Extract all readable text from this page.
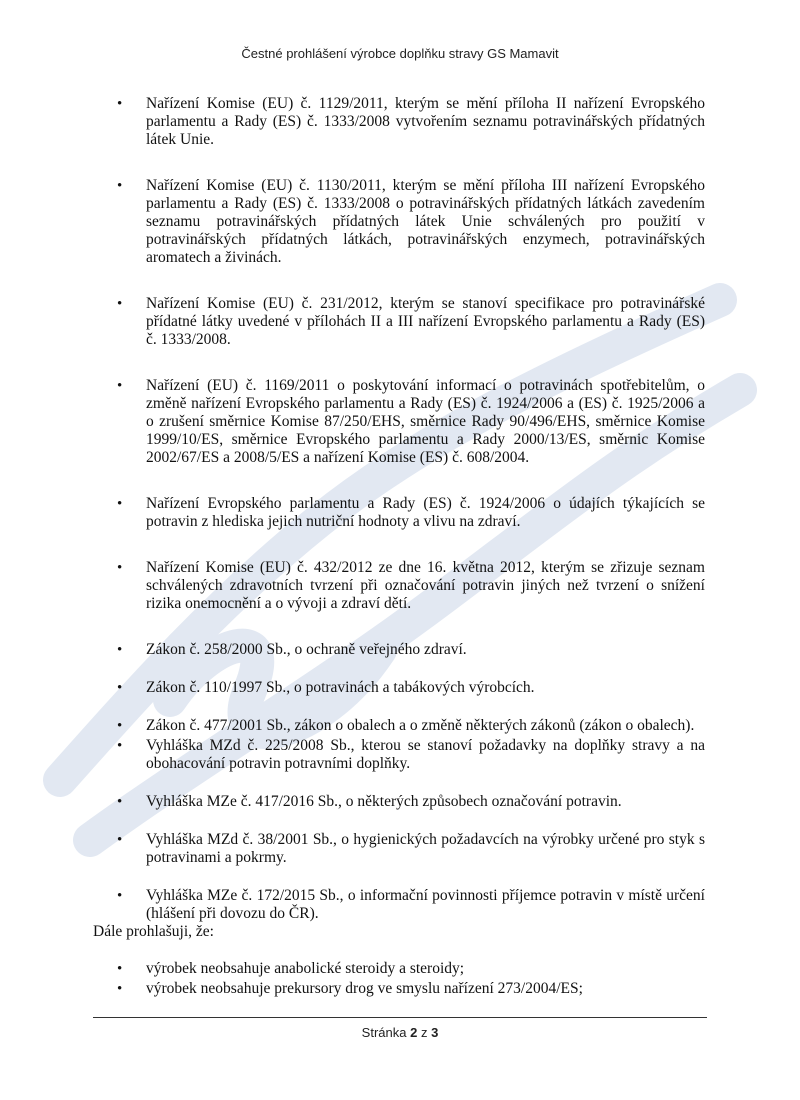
Čestné prohlášení výrobce doplňku stravy GS Mamavit
• Nařízení Komise (EU) č. 1129/2011, kterým se mění příloha II nařízení Evropského parlamentu a Rady (ES) č. 1333/2008 vytvořením seznamu potravinářských přídatných látek Unie.
• Nařízení Komise (EU) č. 1130/2011, kterým se mění příloha III nařízení Evropského parlamentu a Rady (ES) č. 1333/2008 o potravinářských přídatných látkách zavedením seznamu potravinářských přídatných látek Unie schválených pro použití v potravinářských přídatných látkách, potravinářských enzymech, potravinářských aromatech a živinách.
• Nařízení Komise (EU) č. 231/2012, kterým se stanoví specifikace pro potravinářské přídatné látky uvedené v přílohách II a III nařízení Evropského parlamentu a Rady (ES) č. 1333/2008.
• Nařízení (EU) č. 1169/2011 o poskytování informací o potravinách spotřebitelům, o změně nařízení Evropského parlamentu a Rady (ES) č. 1924/2006 a (ES) č. 1925/2006 a o zrušení směrnice Komise 87/250/EHS, směrnice Rady 90/496/EHS, směrnice Komise 1999/10/ES, směrnice Evropského parlamentu a Rady 2000/13/ES, směrnic Komise 2002/67/ES a 2008/5/ES a nařízení Komise (ES) č. 608/2004.
• Nařízení Evropského parlamentu a Rady (ES) č. 1924/2006 o údajích týkajících se potravin z hlediska jejich nutriční hodnoty a vlivu na zdraví.
• Nařízení Komise (EU) č. 432/2012 ze dne 16. května 2012, kterým se zřizuje seznam schválených zdravotních tvrzení při označování potravin jiných než tvrzení o snížení rizika onemocnění a o vývoji a zdraví dětí.
• Zákon č. 258/2000 Sb., o ochraně veřejného zdraví.
• Zákon č. 110/1997 Sb., o potravinách a tabákových výrobcích.
• Zákon č. 477/2001 Sb., zákon o obalech a o změně některých zákonů (zákon o obalech).
• Vyhláška MZd č. 225/2008 Sb., kterou se stanoví požadavky na doplňky stravy a na obohacování potravin potravními doplňky.
• Vyhláška MZe č. 417/2016 Sb., o některých způsobech označování potravin.
• Vyhláška MZd č. 38/2001 Sb., o hygienických požadavcích na výrobky určené pro styk s potravinami a pokrmy.
• Vyhláška MZe č. 172/2015 Sb., o informační povinnosti příjemce potravin v místě určení (hlášení při dovozu do ČR).
Dále prohlašuji, že:
• výrobek neobsahuje anabolické steroidy a steroidy;
• výrobek neobsahuje prekursory drog ve smyslu nařízení 273/2004/ES;
Stránka 2 z 3
